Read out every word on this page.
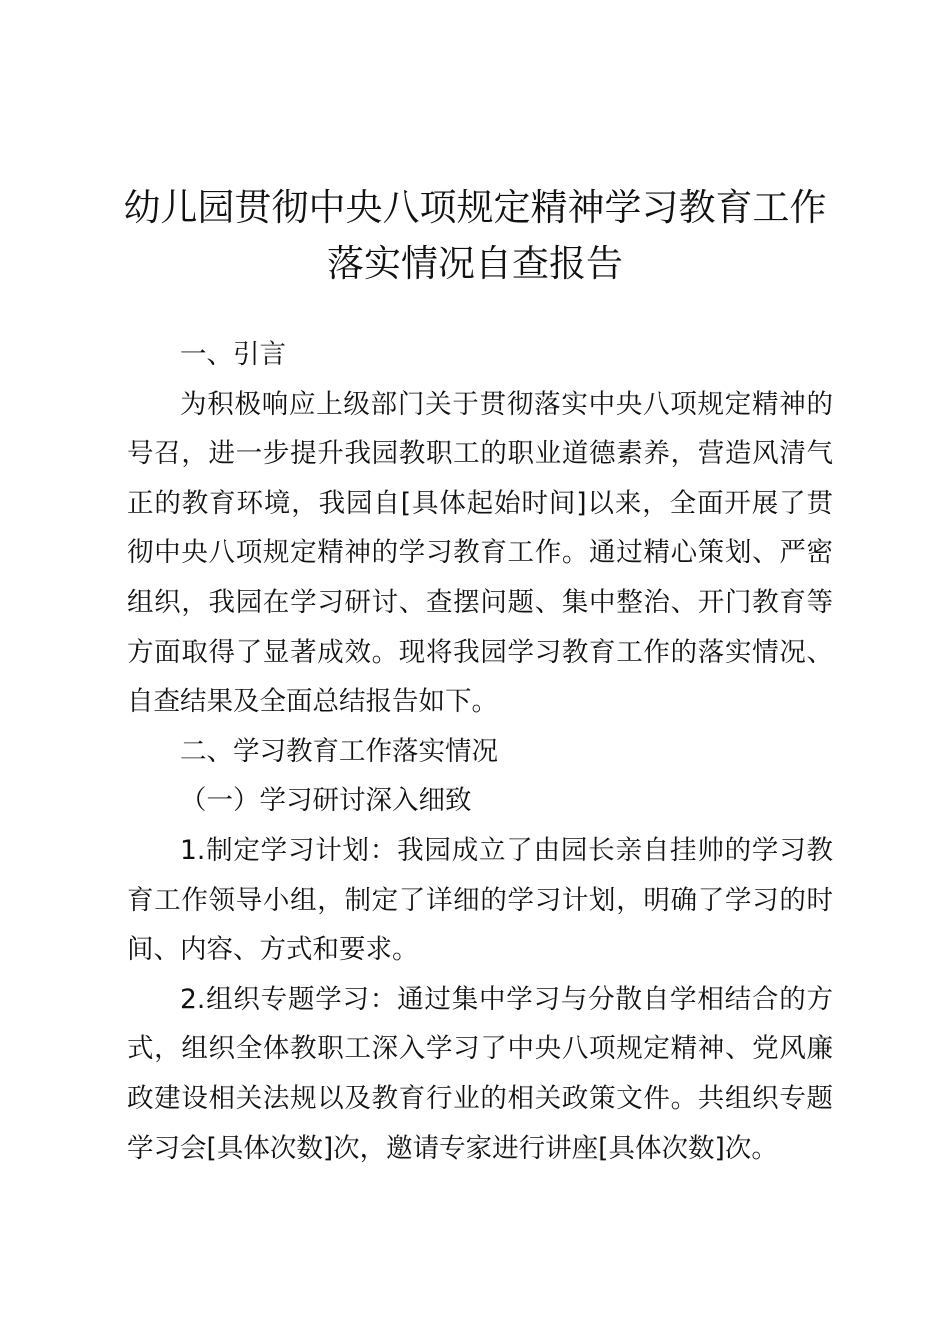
幼儿园贯彻中央八项规定精神学习教育工作落实情况自查报告

一、引言

为积极响应上级部门关于贯彻落实中央八项规定精神的号召，进一步提升我园教职工的职业道德素养，营造风清气正的教育环境，我园自[具体起始时间]以来，全面开展了贯彻中央八项规定精神的学习教育工作。通过精心策划、严密组织，我园在学习研讨、查摆问题、集中整治、开门教育等方面取得了显著成效。现将我园学习教育工作的落实情况、自查结果及全面总结报告如下。

二、学习教育工作落实情况

（一）学习研讨深入细致

1.制定学习计划：我园成立了由园长亲自挂帅的学习教育工作领导小组，制定了详细的学习计划，明确了学习的时间、内容、方式和要求。

2.组织专题学习：通过集中学习与分散自学相结合的方式，组织全体教职工深入学习了中央八项规定精神、党风廉政建设相关法规以及教育行业的相关政策文件。共组织专题学习会[具体次数]次，邀请专家进行讲座[具体次数]次。
